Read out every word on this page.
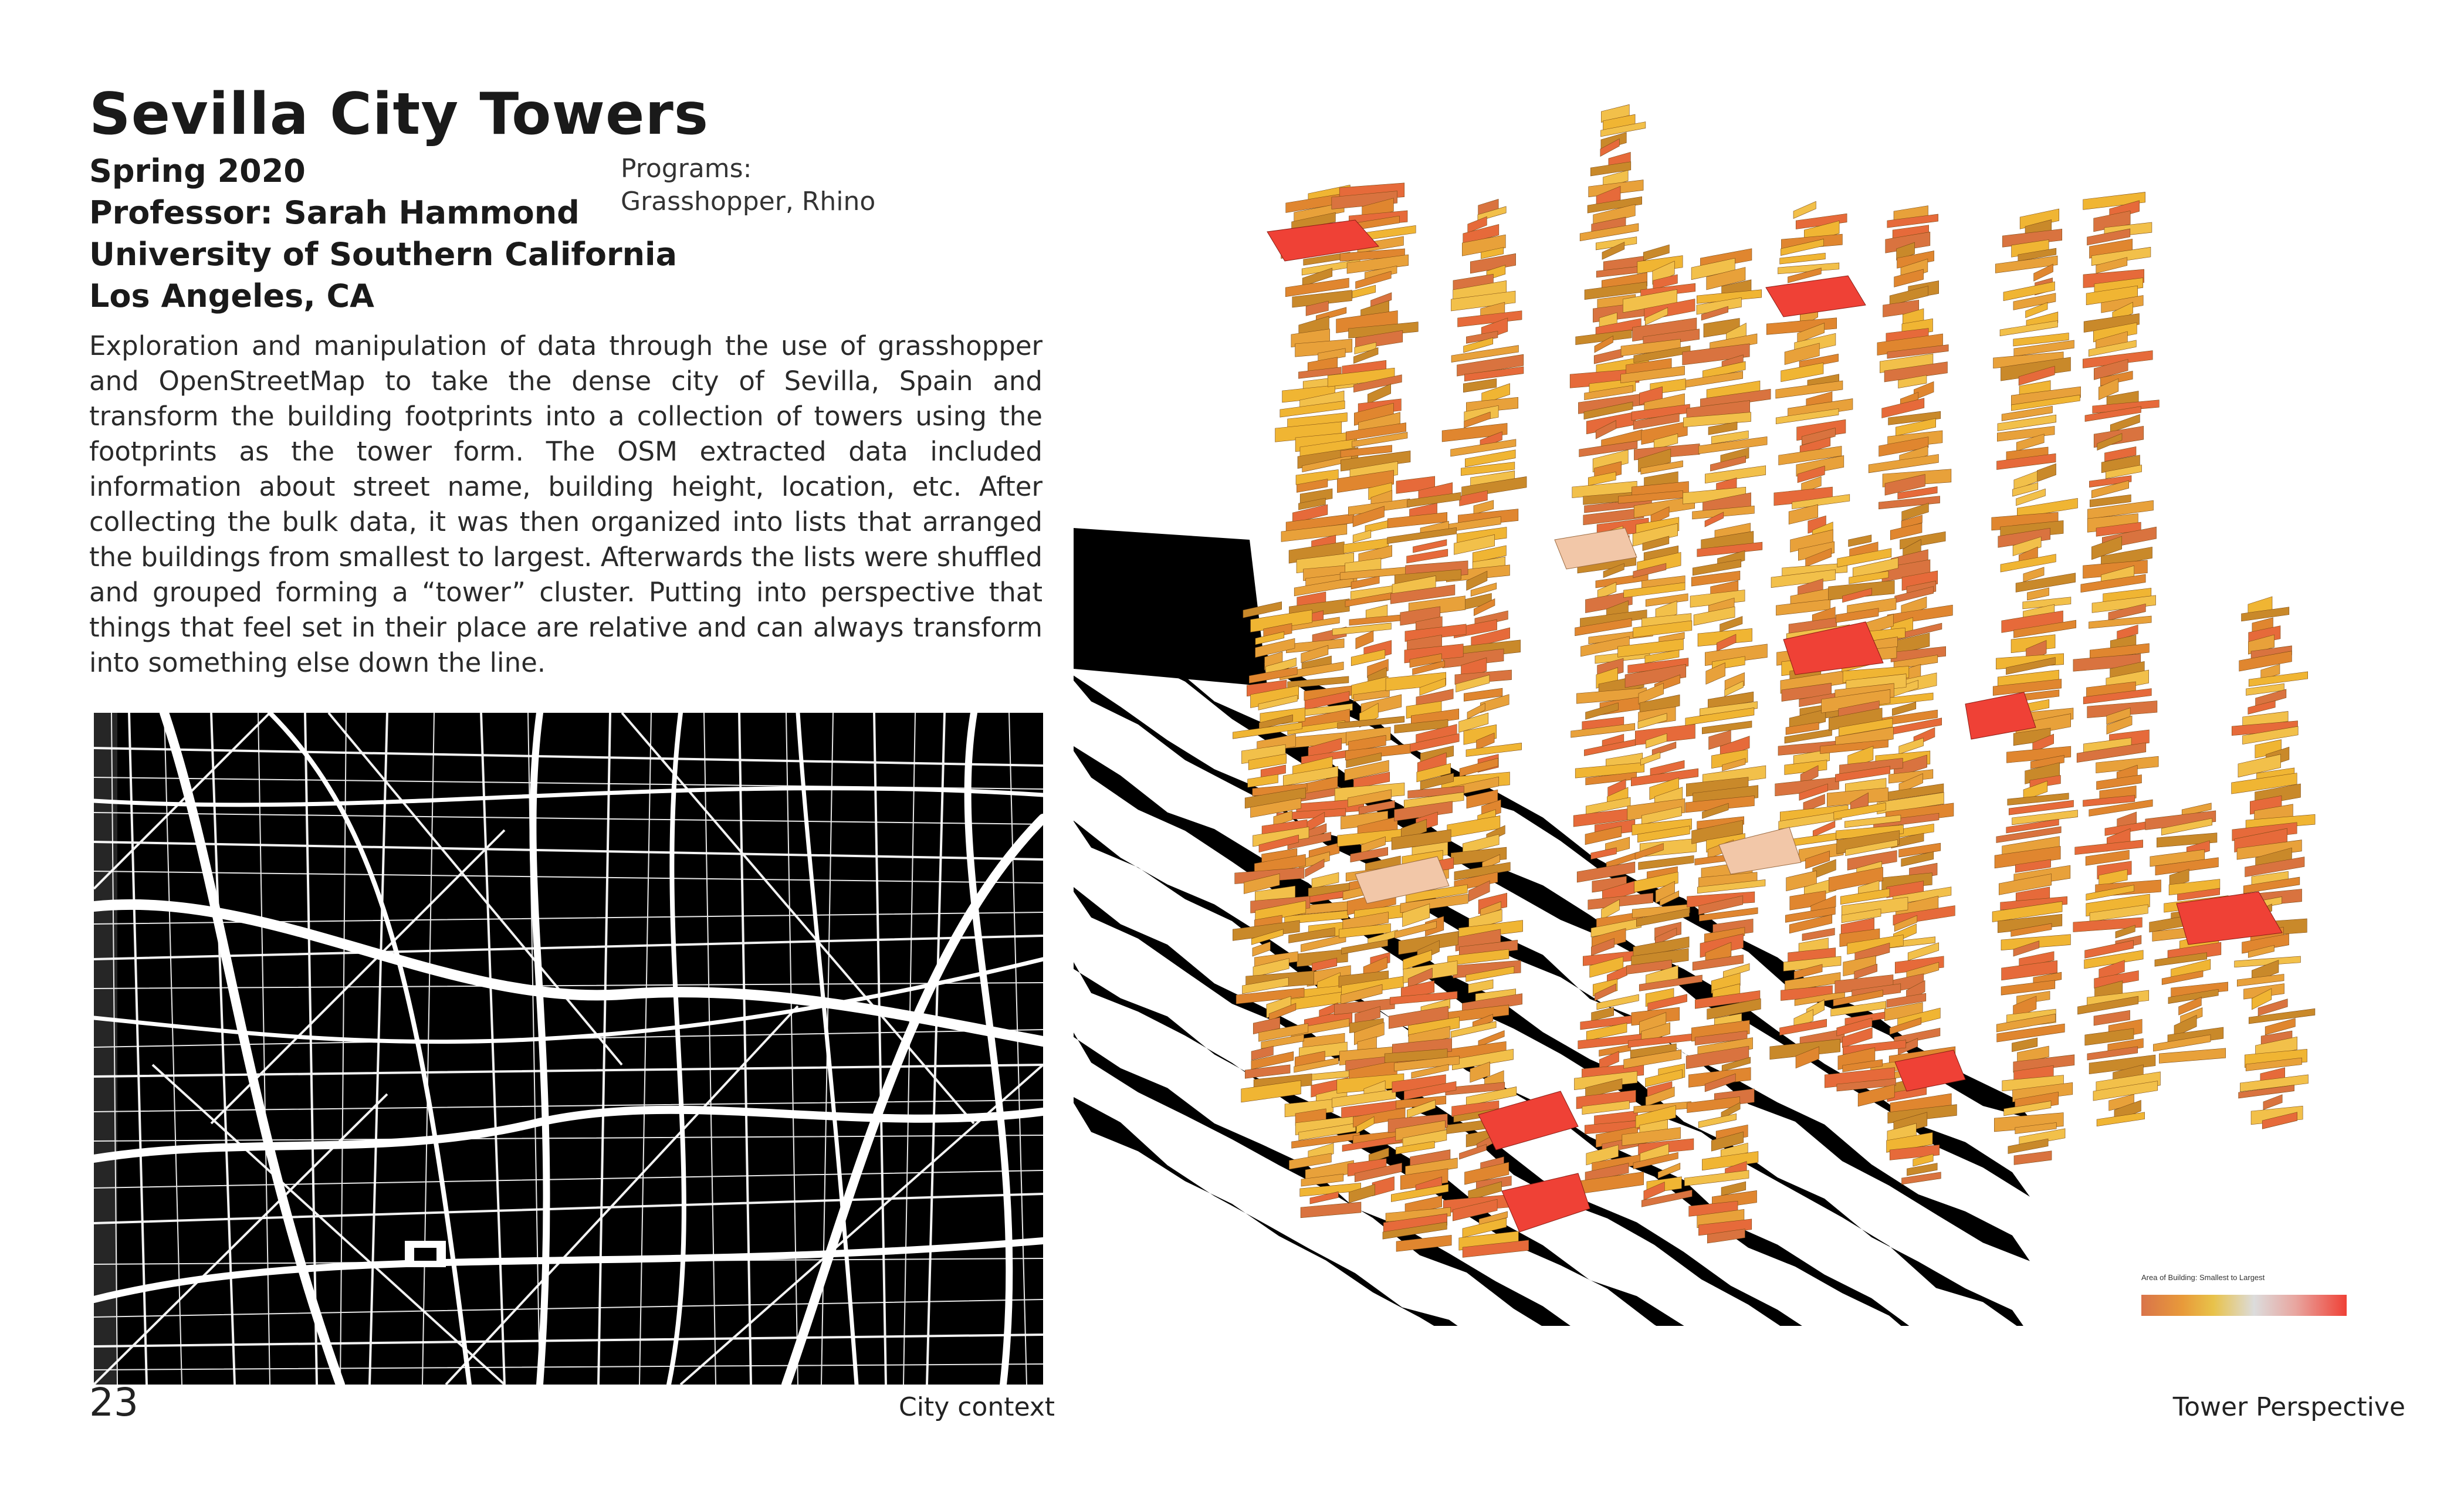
Sevilla City Towers
Spring 2020
Professor: Sarah Hammond
University of Southern California
Los Angeles, CA
Programs:
Grasshopper, Rhino

Exploration and manipulation of data through the use of grasshopper and OpenStreetMap to take the dense city of Sevilla, Spain and transform the building footprints into a collection of towers using the footprints as the tower form. The OSM extracted data included information about street name, building height, location, etc. After collecting the bulk data, it was then organized into lists that arranged the buildings from smallest to largest. Afterwards the lists were shuffled and grouped forming a “tower” cluster. Putting into perspective that things that feel set in their place are relative and can always transform into something else down the line.

23	City context
Area of Building: Smallest to Largest
Tower Perspective
